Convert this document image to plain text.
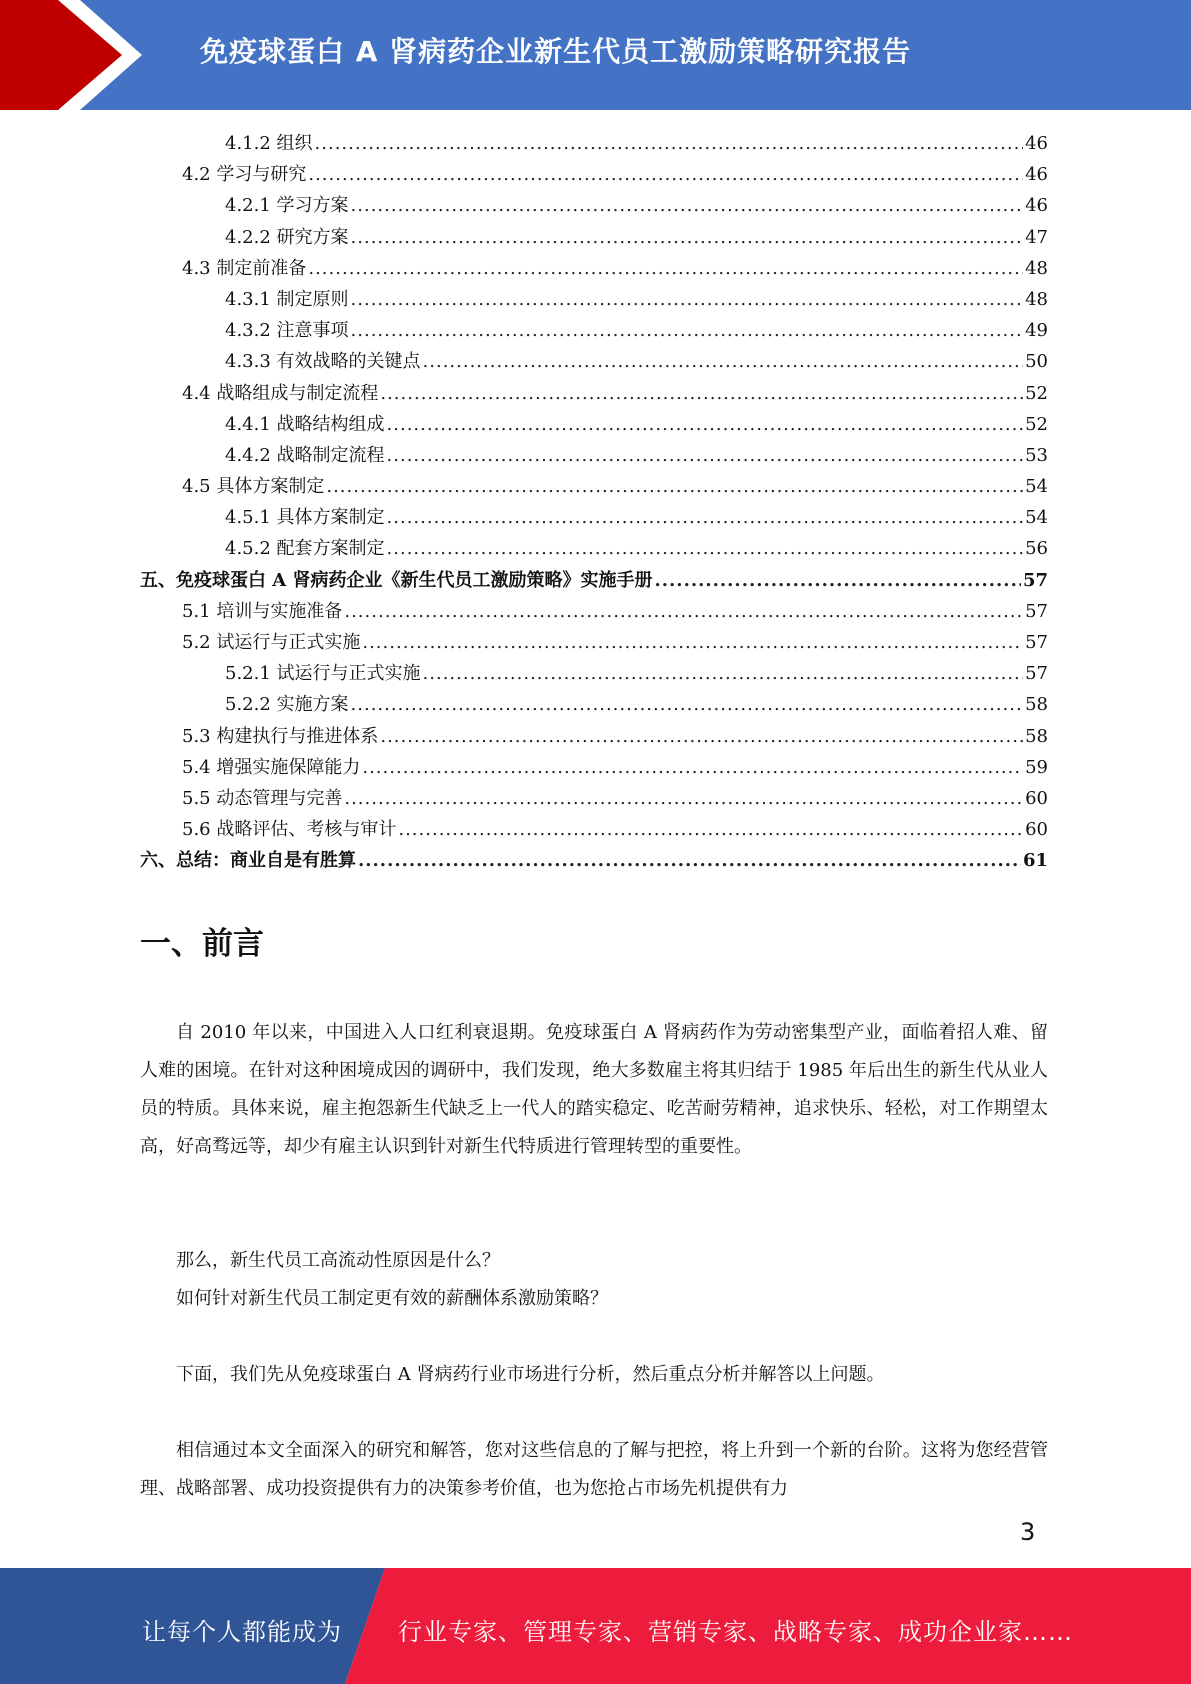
免疫球蛋白 A 肾病药企业新生代员工激励策略研究报告
4.1.2 组织 .....	46
4.2 学习与研究 .....	46
4.2.1 学习方案 .....	46
4.2.2 研究方案 .....	47
4.3 制定前准备 .....	48
4.3.1 制定原则 .....	48
4.3.2 注意事项 .....	49
4.3.3 有效战略的关键点 .....	50
4.4 战略组成与制定流程 .....	52
4.4.1 战略结构组成 .....	52
4.4.2 战略制定流程 .....	53
4.5 具体方案制定 .....	54
4.5.1 具体方案制定 .....	54
4.5.2 配套方案制定 .....	56
五、免疫球蛋白 A 肾病药企业《新生代员工激励策略》实施手册 .....	57
5.1 培训与实施准备 .....	57
5.2 试运行与正式实施 .....	57
5.2.1 试运行与正式实施 .....	57
5.2.2 实施方案 .....	58
5.3 构建执行与推进体系 .....	58
5.4 增强实施保障能力 .....	59
5.5 动态管理与完善 .....	60
5.6 战略评估、考核与审计 .....	60
六、总结：商业自是有胜算 .....	61
一、前言

自 2010 年以来，中国进入人口红利衰退期。免疫球蛋白 A 肾病药作为劳动密集型产业，面临着招人难、留人难的困境。在针对这种困境成因的调研中，我们发现，绝大多数雇主将其归结于 1985 年后出生的新生代从业人员的特质。具体来说，雇主抱怨新生代缺乏上一代人的踏实稳定、吃苦耐劳精神，追求快乐、轻松，对工作期望太高，好高骛远等，却少有雇主认识到针对新生代特质进行管理转型的重要性。

那么，新生代员工高流动性原因是什么？

如何针对新生代员工制定更有效的薪酬体系激励策略？

下面，我们先从免疫球蛋白 A 肾病药行业市场进行分析，然后重点分析并解答以上问题。

相信通过本文全面深入的研究和解答，您对这些信息的了解与把控，将上升到一个新的台阶。这将为您经营管理、战略部署、成功投资提供有力的决策参考价值，也为您抢占市场先机提供有力

3
让每个人都能成为 行业专家、管理专家、营销专家、战略专家、成功企业家……
